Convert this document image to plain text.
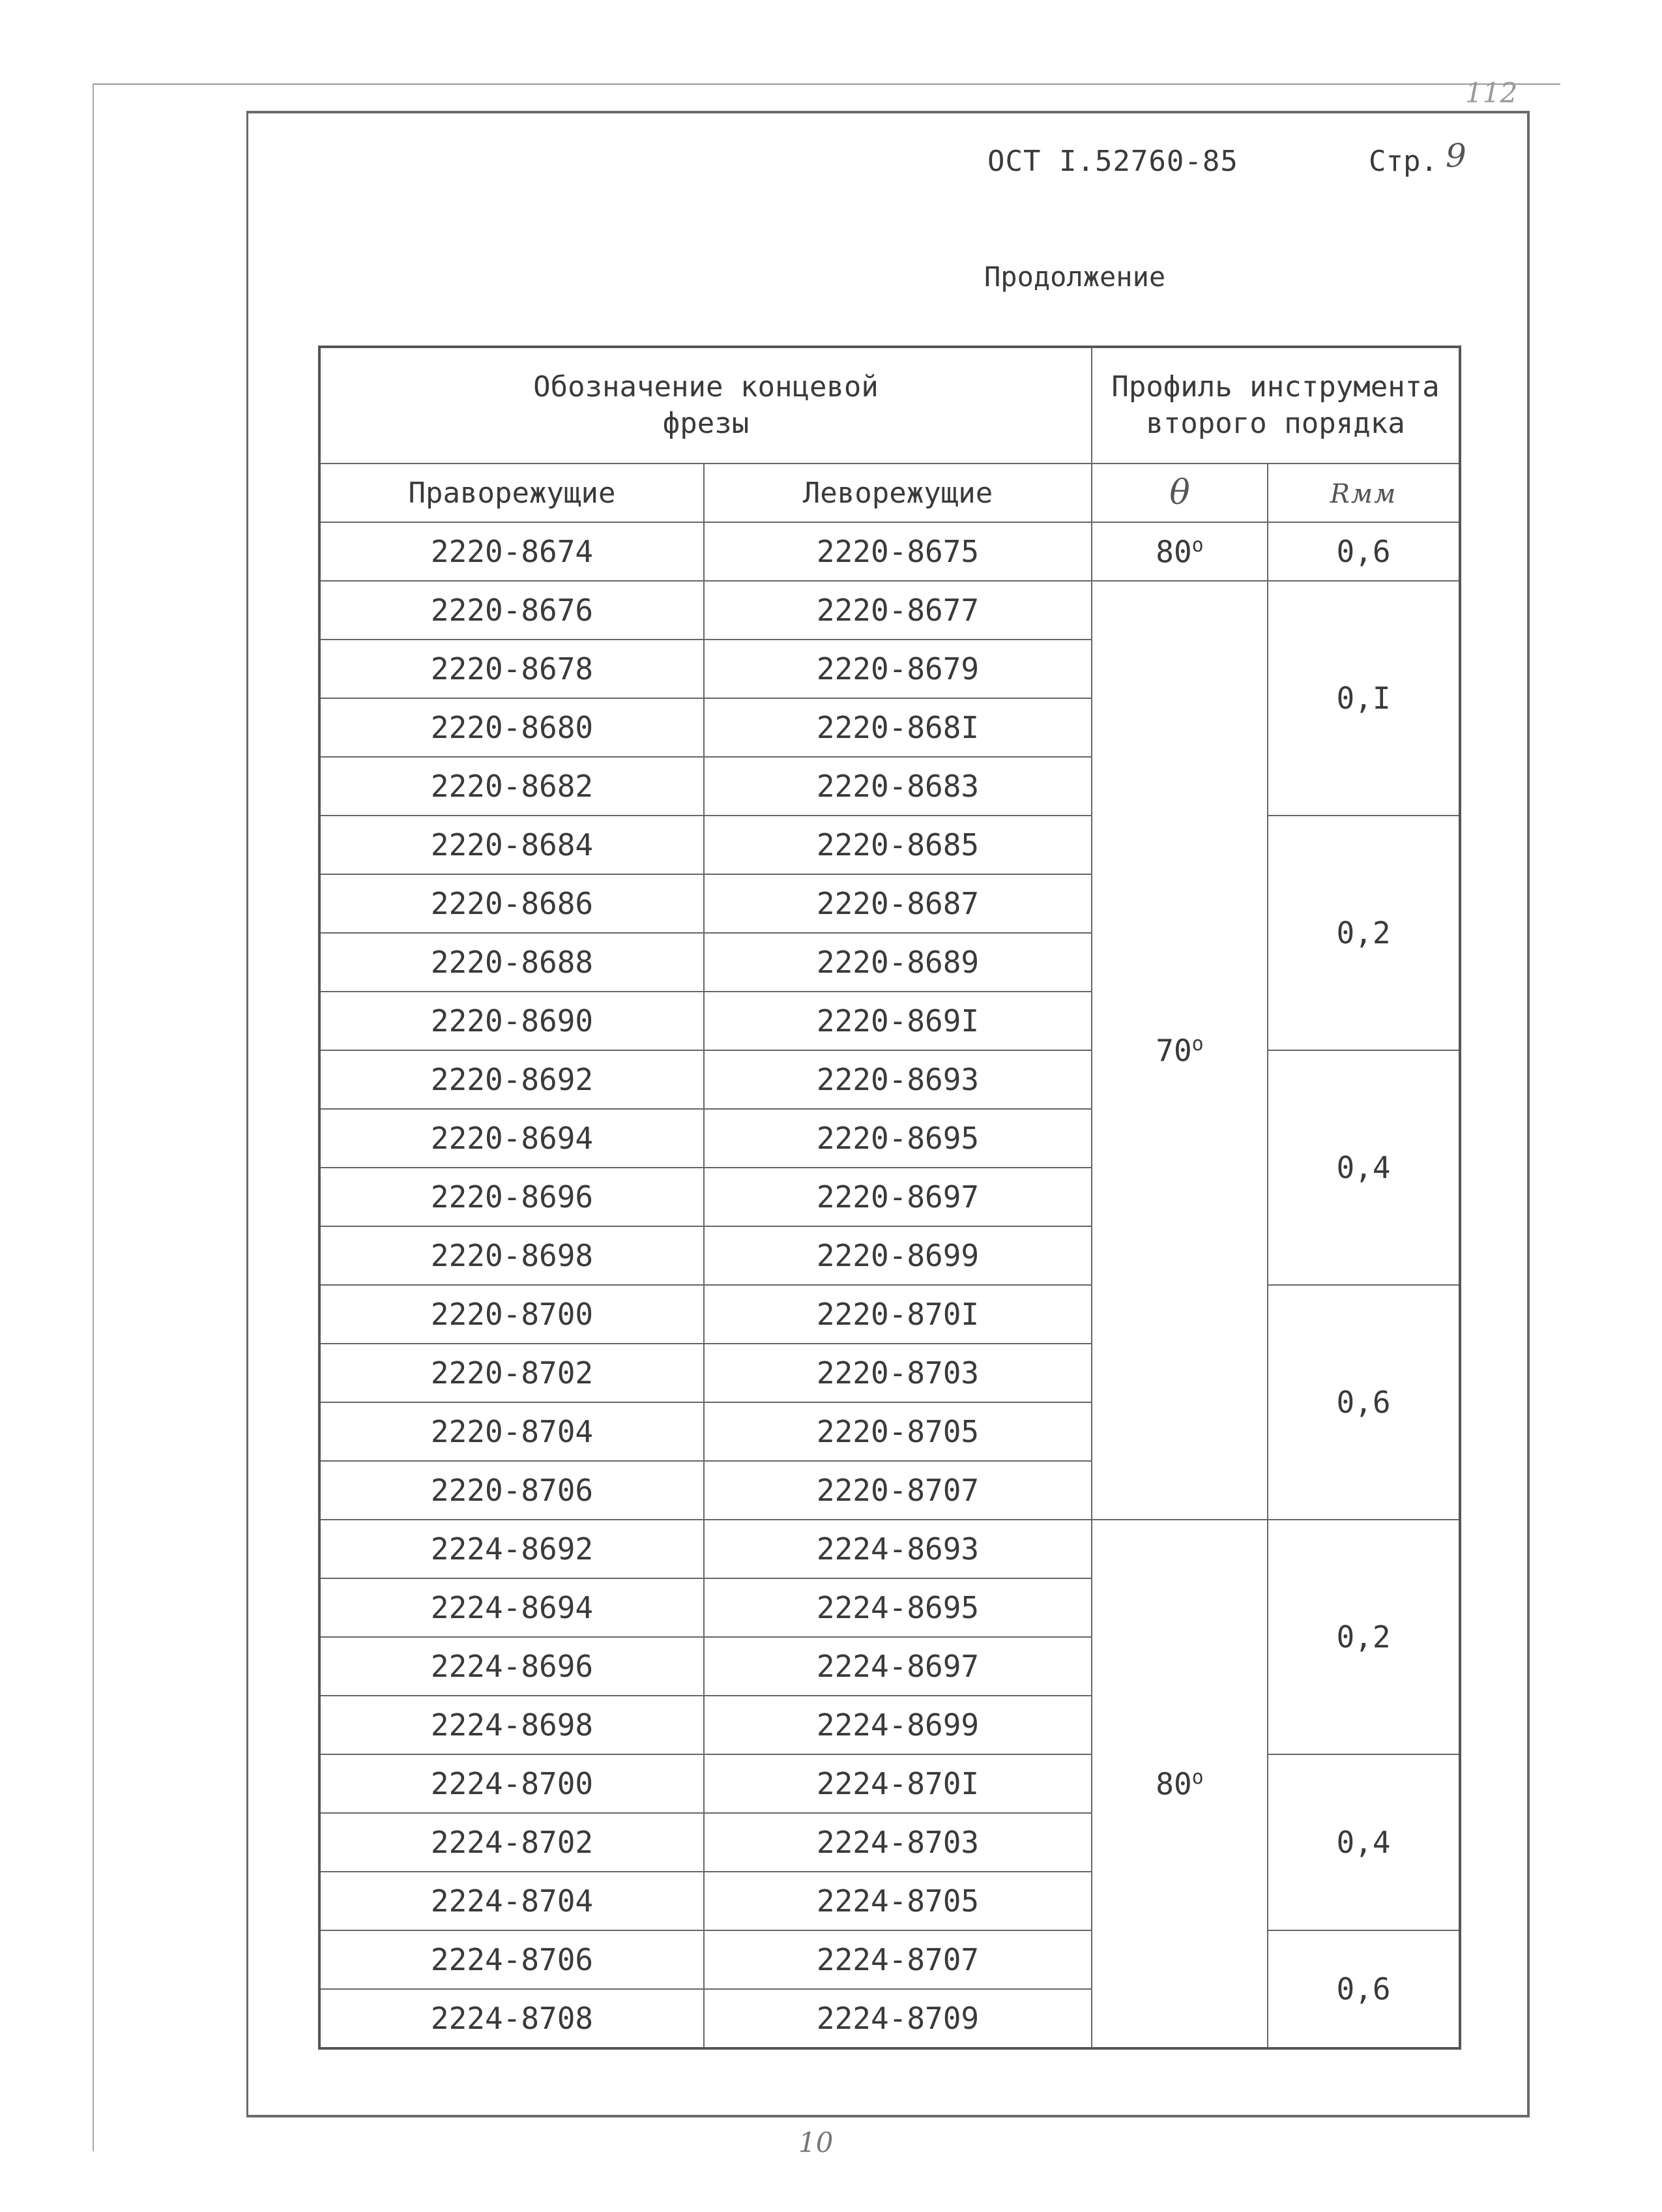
112
ОСТ I.52760-85	Стр. 9
Продолжение
Обозначение концевой
фрезы		Профиль инструмента
второго порядка	
Праворежущие	Леворежущие	θ	Rмм
2220-8674	2220-8675	80$^o$	0,6
2220-8676	2220-8677	70$^o$	0,I
2220-8678	2220-8679		
2220-8680	2220-868I		
2220-8682	2220-8683		
2220-8684	2220-8685		0,2
2220-8686	2220-8687		
2220-8688	2220-8689		
2220-8690	2220-869I		
2220-8692	2220-8693		0,4
2220-8694	2220-8695		
2220-8696	2220-8697		
2220-8698	2220-8699		
2220-8700	2220-870I		0,6
2220-8702	2220-8703		
2220-8704	2220-8705		
2220-8706	2220-8707		
2224-8692	2224-8693	80$^o$	0,2
2224-8694	2224-8695		
2224-8696	2224-8697		
2224-8698	2224-8699		
2224-8700	2224-870I		0,4
2224-8702	2224-8703		
2224-8704	2224-8705		
2224-8706	2224-8707		0,6
2224-8708	2224-8709		
10
